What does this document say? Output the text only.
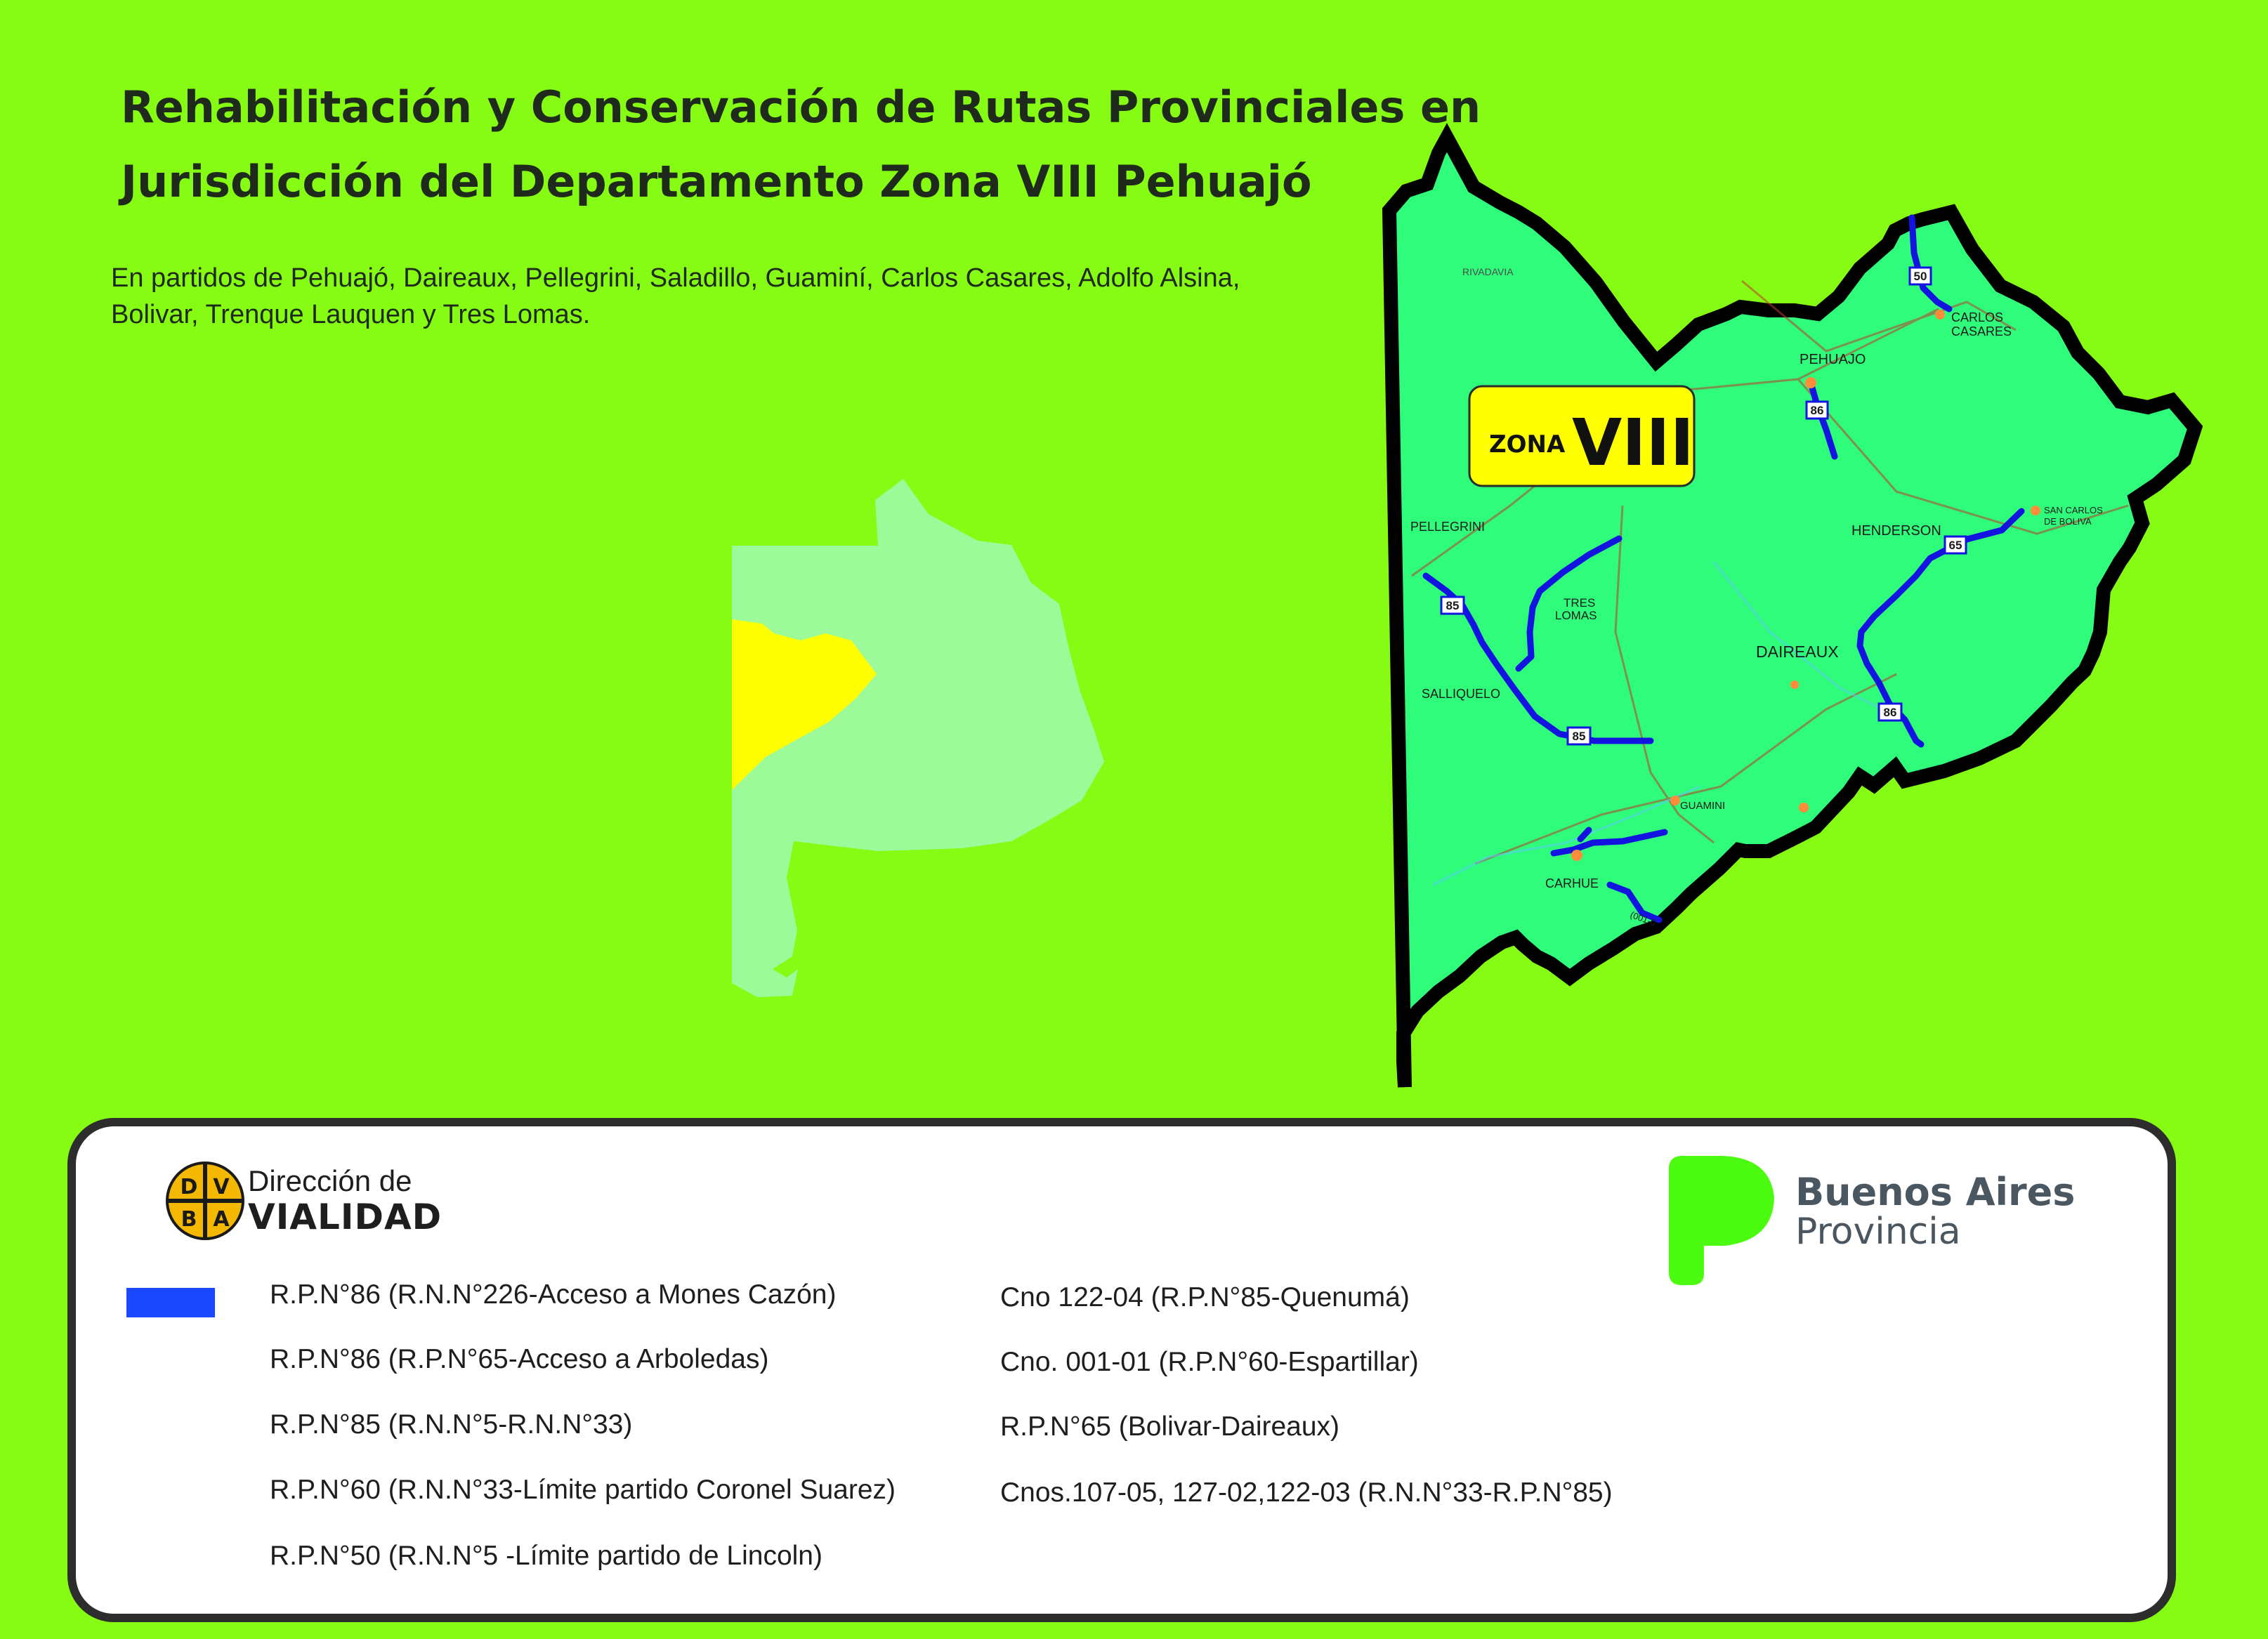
Rehabilitación y Conservación de Rutas Provinciales en
Jurisdicción del Departamento Zona VIII Pehuajó

En partidos de Pehuajó, Daireaux, Pellegrini, Saladillo, Guaminí, Carlos Casares, Adolfo Alsina, Bolivar, Trenque Lauquen y Tres Lomas.

50
86
65
85
85
86
RIVADAVIA
CARLOS
CASARES
PEHUAJO
PELLEGRINI	HENDERSON
SAN CARLOS
DE BOLIVA
TRES
LOMAS
DAIREAUX
SALLIQUELO
GUAMINI
CARHUE
(001-0
ZONA VIII
D V
B A
Dirección de
VIALIDAD
Buenos Aires
Provincia
R.P.N°86 (R.N.N°226-Acceso a Mones Cazón)
R.P.N°86 (R.P.N°65-Acceso a Arboledas)
R.P.N°85 (R.N.N°5-R.N.N°33)
R.P.N°60 (R.N.N°33-Límite partido Coronel Suarez)
R.P.N°50 (R.N.N°5 -Límite partido de Lincoln)
Cno 122-04 (R.P.N°85-Quenumá)
Cno. 001-01 (R.P.N°60-Espartillar)
R.P.N°65 (Bolivar-Daireaux)
Cnos.107-05, 127-02,122-03 (R.N.N°33-R.P.N°85)
